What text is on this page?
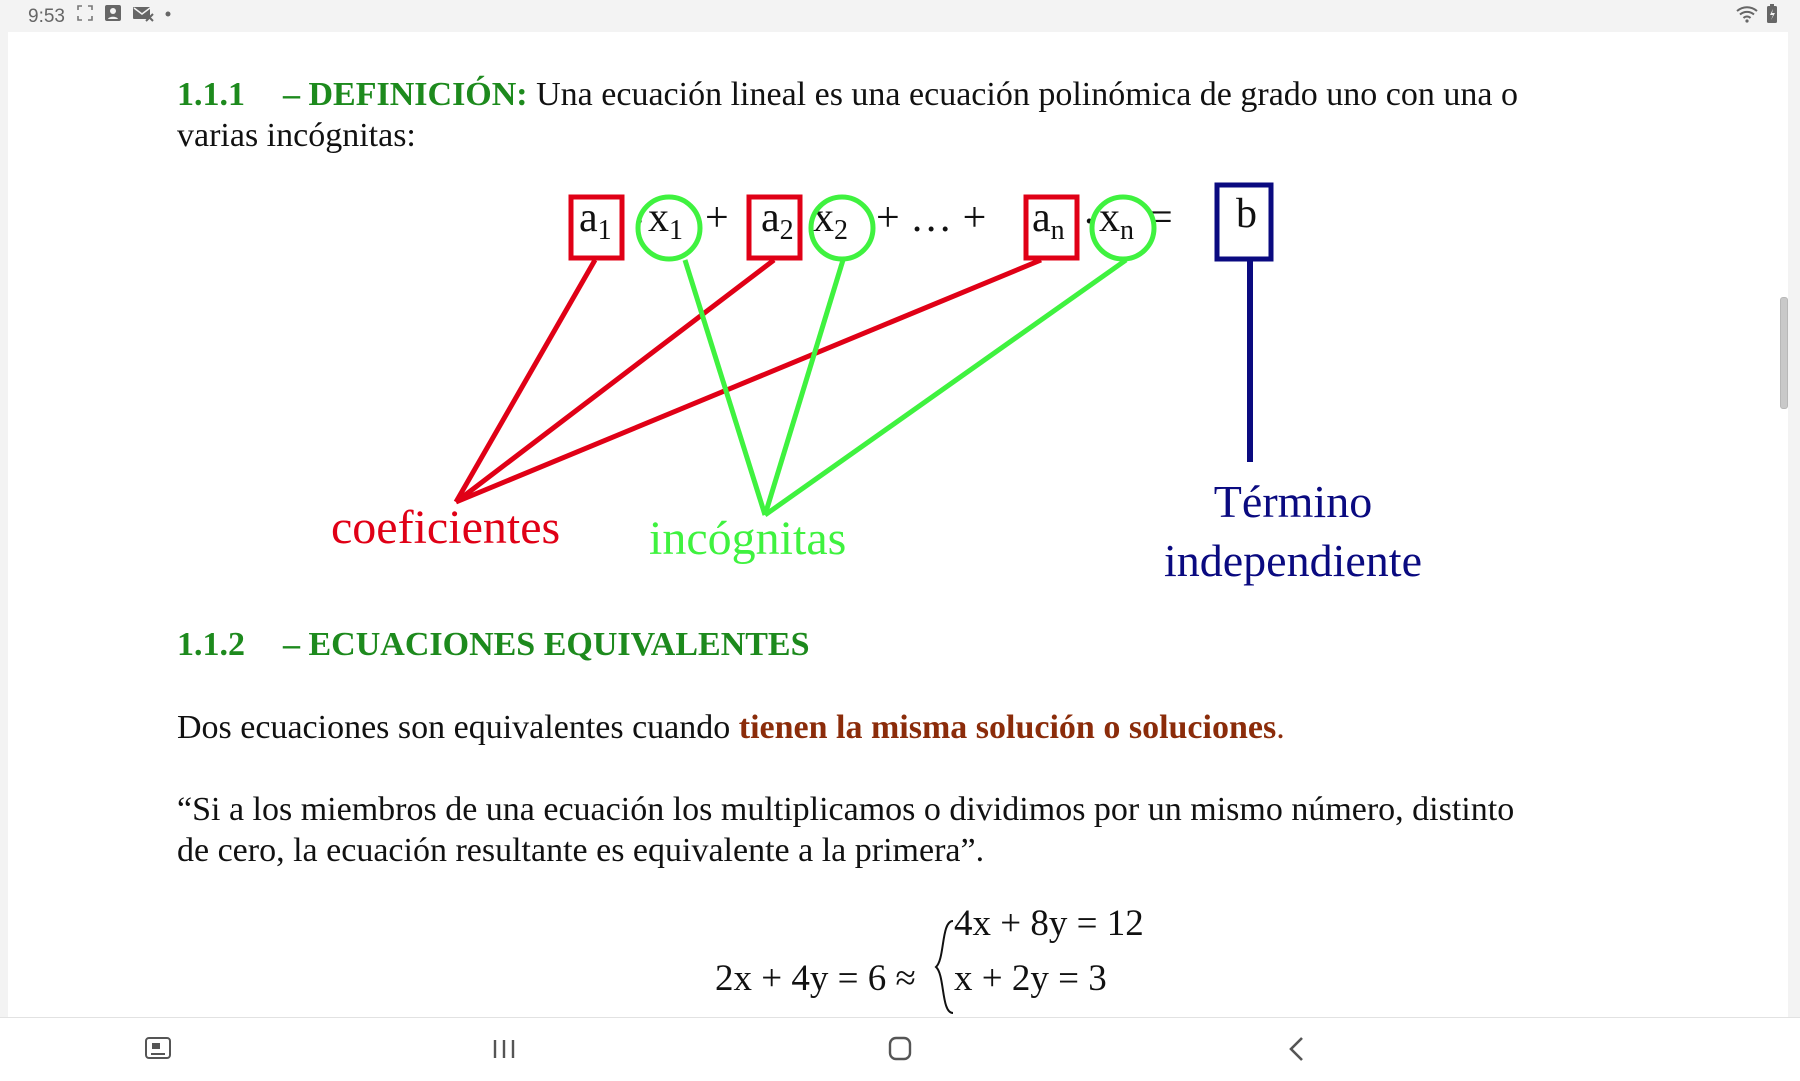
9:53
1.1.1 – DEFINICIÓN: Una ecuación lineal es una ecuación polinómica de grado uno con una o
varias incógnitas:
a1 . x1 + a2 x2 + … + an . xn = b
coeficientes incógnitas
Término
independiente
1.1.2 – ECUACIONES EQUIVALENTES
Dos ecuaciones son equivalentes cuando tienen la misma solución o soluciones.
“Si a los miembros de una ecuación los multiplicamos o dividimos por un mismo número, distinto
de cero, la ecuación resultante es equivalente a la primera”.
2x + 4y = 6 ≈
4x + 8y = 12
x + 2y = 3
